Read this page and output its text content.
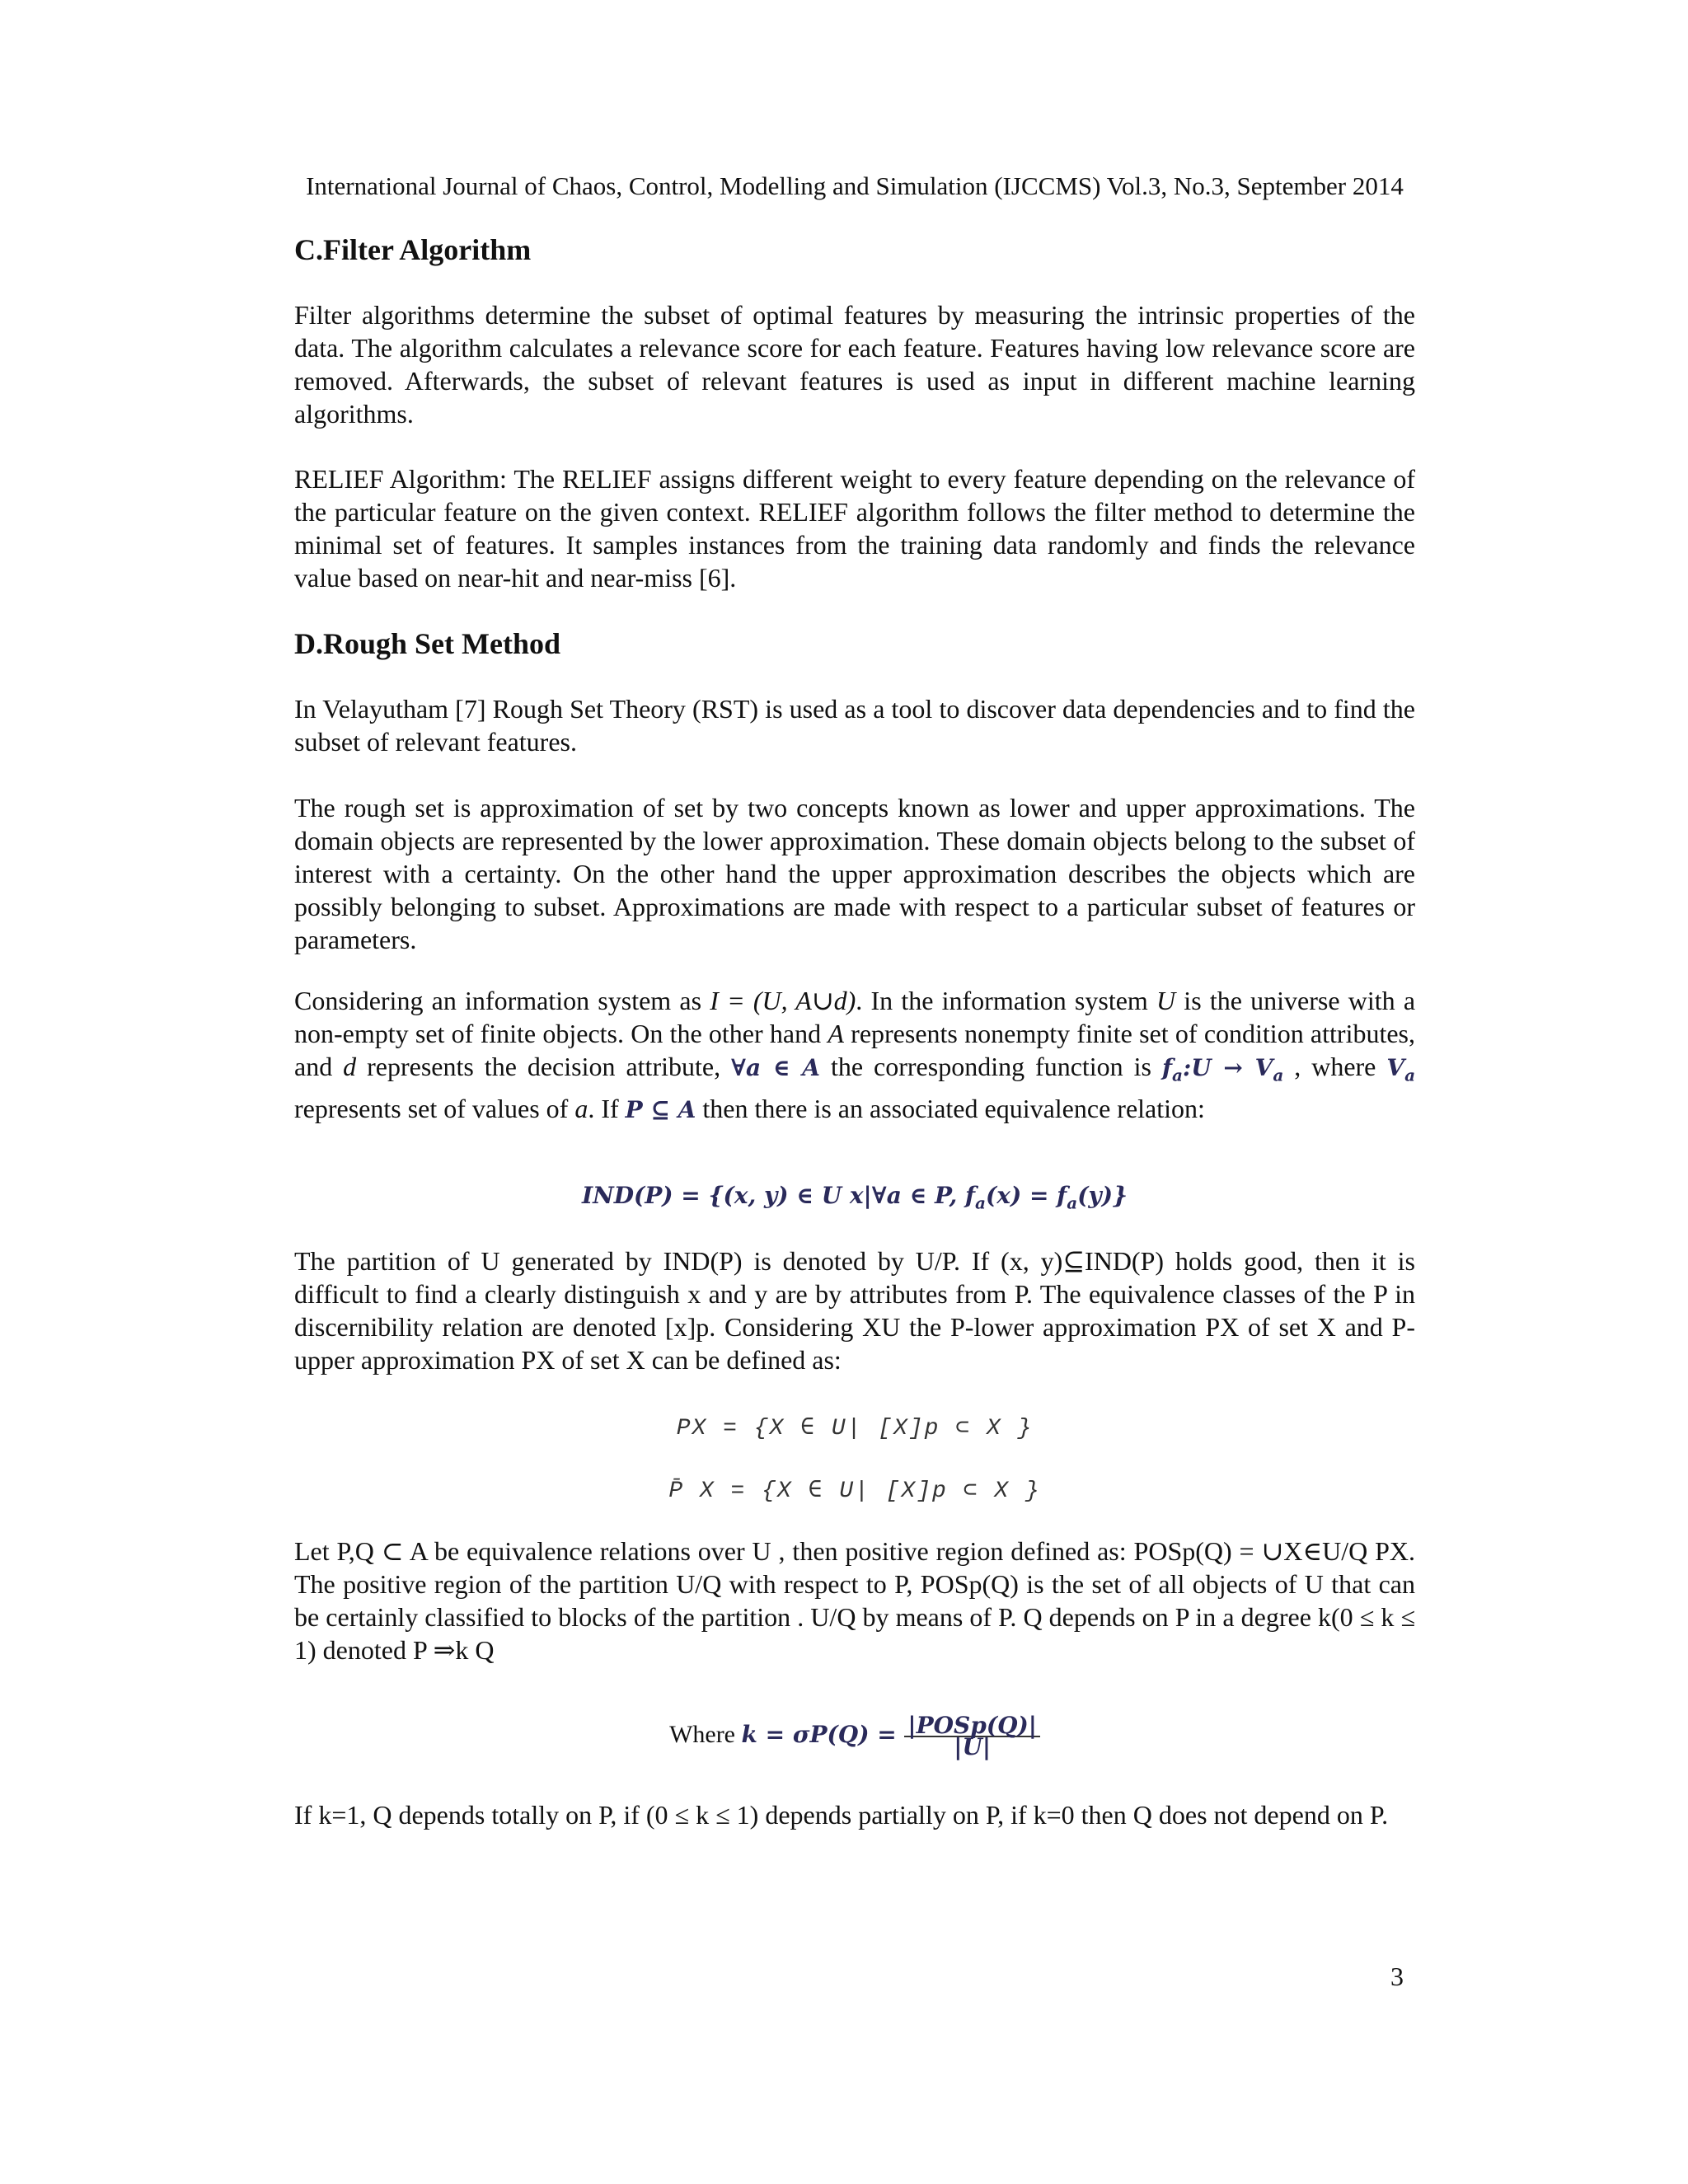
International Journal of Chaos, Control, Modelling and Simulation (IJCCMS) Vol.3, No.3, September 2014
C.Filter Algorithm

Filter algorithms determine the subset of optimal features by measuring the intrinsic properties of the data. The algorithm calculates a relevance score for each feature. Features having low relevance score are removed. Afterwards, the subset of relevant features is used as input in different machine learning algorithms.

RELIEF Algorithm: The RELIEF assigns different weight to every feature depending on the relevance of the particular feature on the given context. RELIEF algorithm follows the filter method to determine the minimal set of features. It samples instances from the training data randomly and finds the relevance value based on near-hit and near-miss [6].

D.Rough Set Method

In Velayutham [7] Rough Set Theory (RST) is used as a tool to discover data dependencies and to find the subset of relevant features.

The rough set is approximation of set by two concepts known as lower and upper approximations. The domain objects are represented by the lower approximation. These domain objects belong to the subset of interest with a certainty. On the other hand the upper approximation describes the objects which are possibly belonging to subset. Approximations are made with respect to a particular subset of features or parameters.

Considering an information system as I = (U, A∪d). In the information system U is the universe with a non-empty set of finite objects. On the other hand A represents nonempty finite set of condition attributes, and d represents the decision attribute, ∀a ∈ A the corresponding function is $f_a:U \to V_a$ , where $V_a$ represents set of values of a. If P ⊆ A then there is an associated equivalence relation:

IND(P) = {(x, y) ∈ U x|∀a ∈ P, $f_a(x) = f_a(y)$}

The partition of U generated by IND(P) is denoted by U/P. If (x, y)⊆IND(P) holds good, then it is difficult to find a clearly distinguish x and y are by attributes from P. The equivalence classes of the P in discernibility relation are denoted [x]p. Considering XU the P-lower approximation PX of set X and P-upper approximation PX of set X can be defined as:

PX = {X ∈ U| [X]p ⊂ X }
P̄ X = {X ∈ U| [X]p ⊂ X }

Let P,Q ⊂ A be equivalence relations over U , then positive region defined as: POSp(Q) = ∪X∈U/Q PX. The positive region of the partition U/Q with respect to P, POSp(Q) is the set of all objects of U that can be certainly classified to blocks of the partition . U/Q by means of P. Q depends on P in a degree k(0 ≤ k ≤ 1) denoted P ⇒k Q

Where $k = \sigma P(Q) = \frac{\text{|POSp(Q)|}}{|U|}$

If k=1, Q depends totally on P, if (0 ≤ k ≤ 1) depends partially on P, if k=0 then Q does not depend on P.

3
